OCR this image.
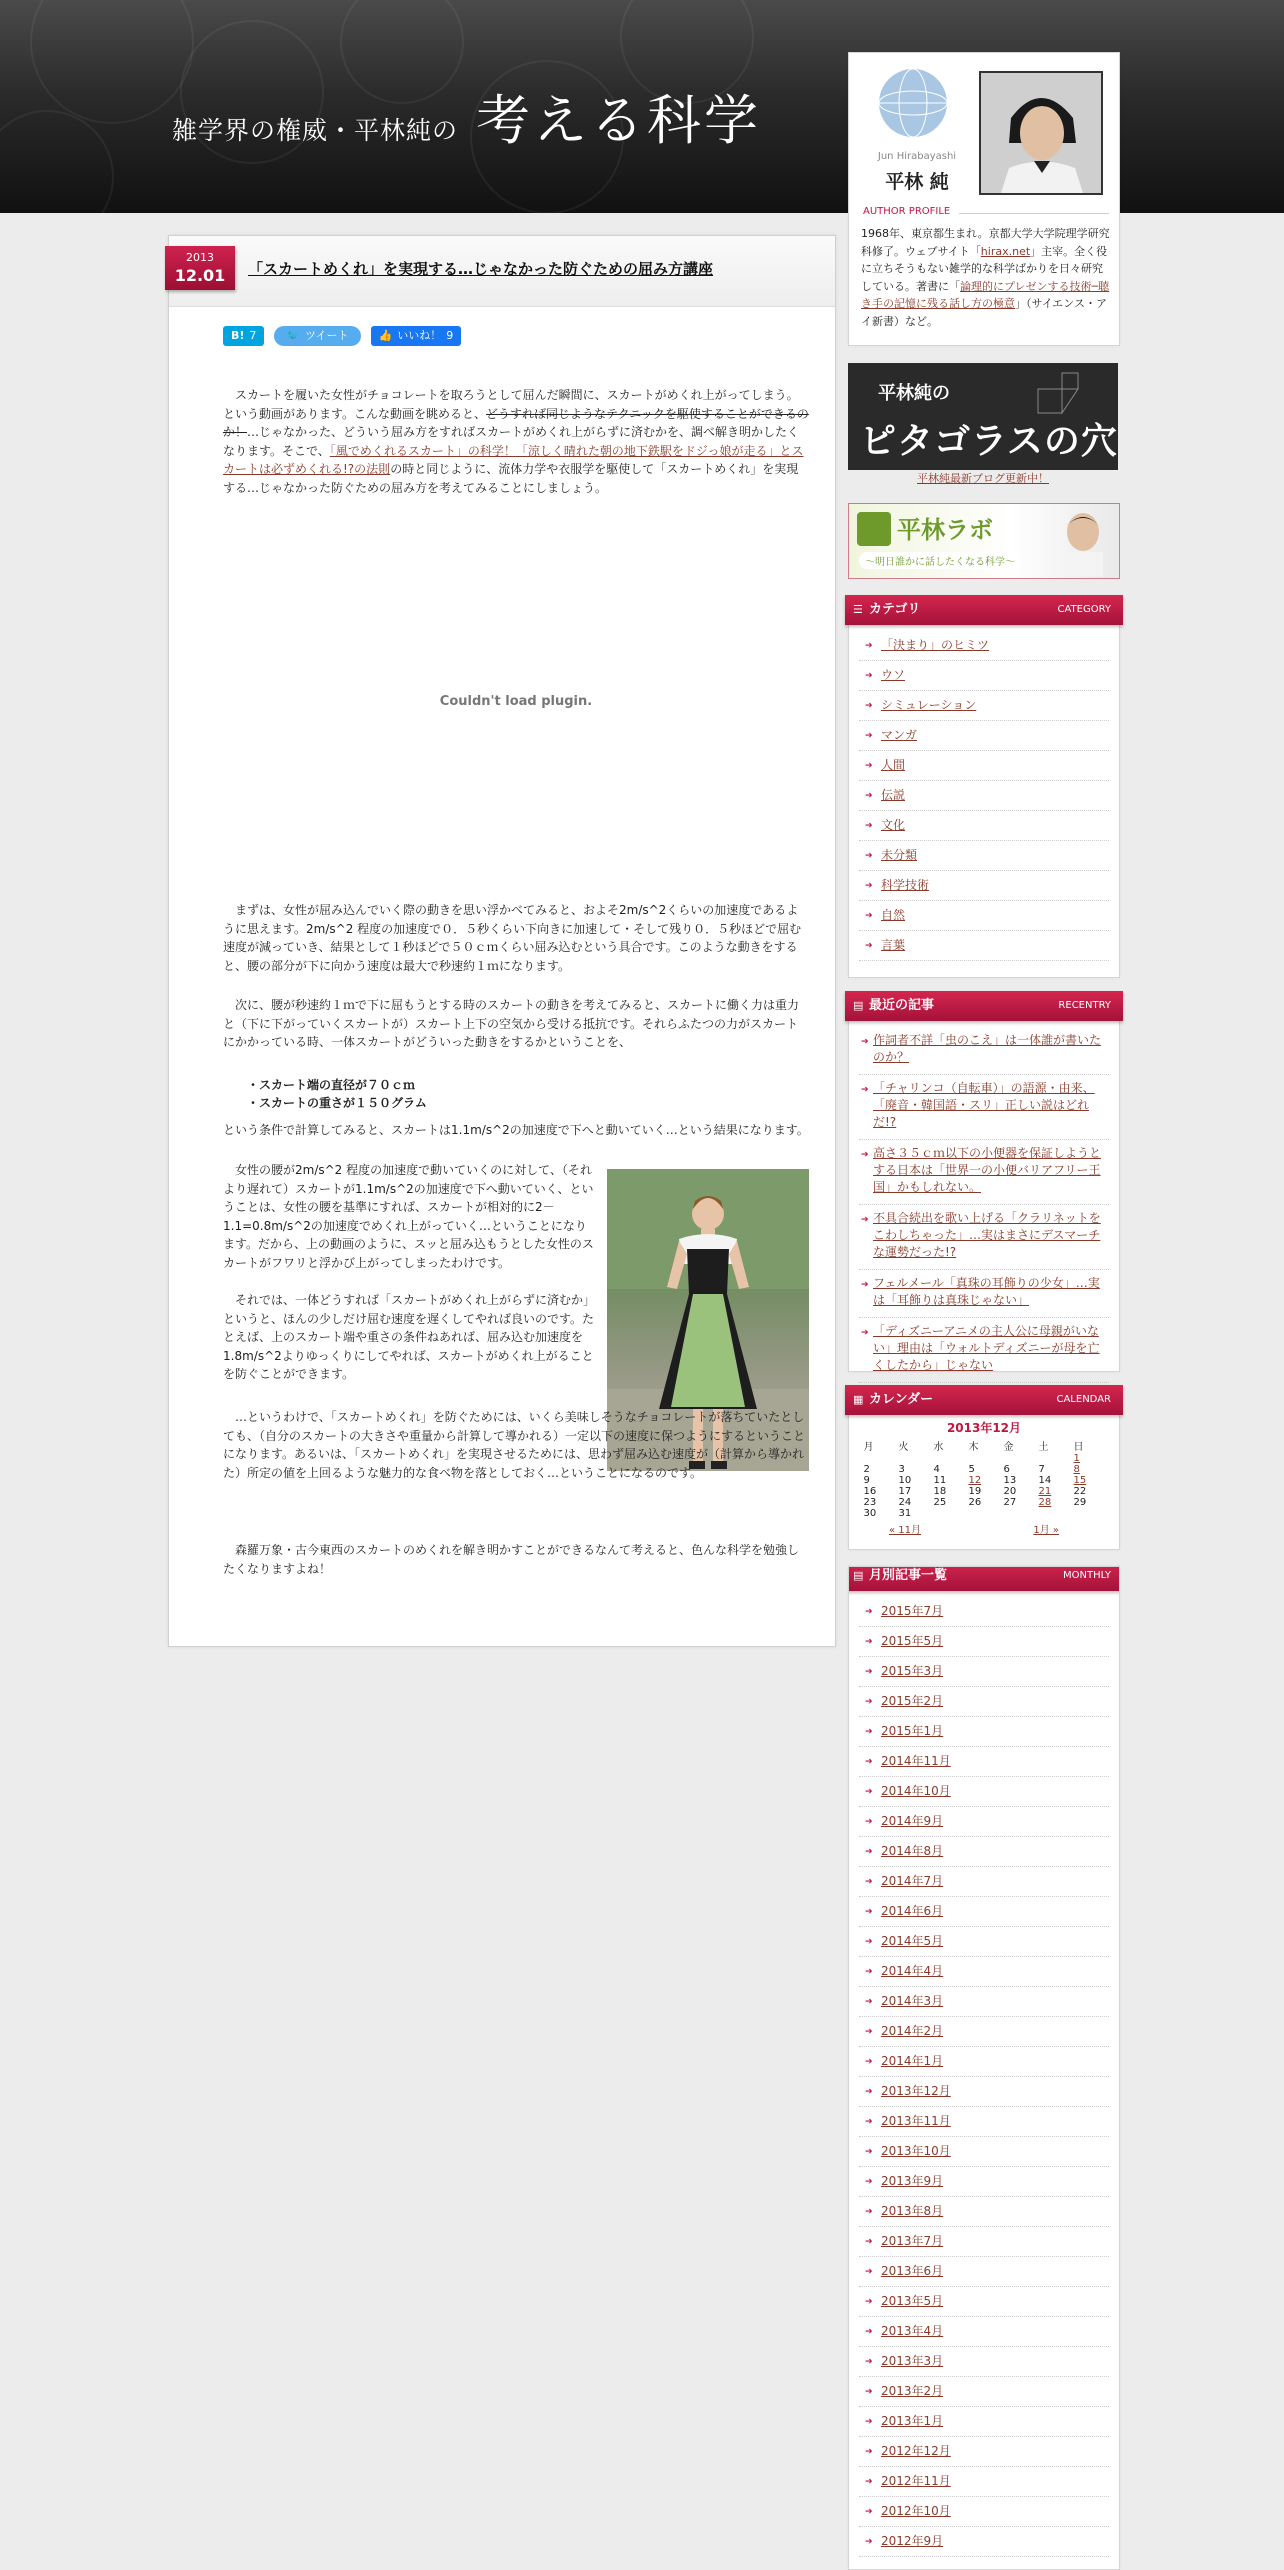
雑学界の権威・平林純の 考える科学
2013
12.01	「スカートめくれ」を実現する…じゃなかった防ぐための屈み方講座
B! 7	🐦 ツイート	👍 いいね！ 9

　スカートを履いた女性がチョコレートを取ろうとして屈んだ瞬間に、スカートがめくれ上がってしまう。という動画があります。こんな動画を眺めると、どうすれば同じようなテクニックを駆使することができるのか！…じゃなかった、どういう屈み方をすればスカートがめくれ上がらずに済むかを、調べ解き明かしたくなります。そこで、「風でめくれるスカート」の科学！「涼しく晴れた朝の地下鉄駅をドジっ娘が走る」とスカートは必ずめくれる!?の法則の時と同じように、流体力学や衣服学を駆使して「スカートめくれ」を実現する…じゃなかった防ぐための屈み方を考えてみることにしましょう。

Couldn't load plugin.

　まずは、女性が屈み込んでいく際の動きを思い浮かべてみると、およそ2m/s^2くらいの加速度であるように思えます。2m/s^2 程度の加速度で０．５秒くらい下向きに加速して・そして残り０．５秒ほどで屈む速度が減っていき、結果として１秒ほどで５０ｃｍくらい屈み込むという具合です。このような動きをすると、腰の部分が下に向かう速度は最大で秒速約１ｍになります。

　次に、腰が秒速約１ｍで下に屈もうとする時のスカートの動きを考えてみると、スカートに働く力は重力と（下に下がっていくスカートが）スカート上下の空気から受ける抵抗です。それらふたつの力がスカートにかかっている時、一体スカートがどういった動きをするかということを、

・スカート端の直径が７０ｃｍ
・スカートの重さが１５０グラム

という条件で計算してみると、スカートは1.1m/s^2の加速度で下へと動いていく…という結果になります。

　女性の腰が2m/s^2 程度の加速度で動いていくのに対して、（それより遅れて）スカートが1.1m/s^2の加速度で下へ動いていく、ということは、女性の腰を基準にすれば、スカートが相対的に2－1.1=0.8m/s^2の加速度でめくれ上がっていく…ということになります。だから、上の動画のように、スッと屈み込もうとした女性のスカートがフワリと浮かび上がってしまったわけです。

　それでは、一体どうすれば「スカートがめくれ上がらずに済むか」というと、ほんの少しだけ屈む速度を遅くしてやれば良いのです。たとえば、上のスカート端や重さの条件ねあれば、屈み込む加速度を1.8m/s^2よりゆっくりにしてやれば、スカートがめくれ上がることを防ぐことができます。

　…というわけで、「スカートめくれ」を防ぐためには、いくら美味しそうなチョコレートが落ちていたとしても、（自分のスカートの大きさや重量から計算して導かれる）一定以下の速度に保つようにするということになります。あるいは、「スカートめくれ」を実現させるためには、思わず屈み込む速度が（計算から導かれた）所定の値を上回るような魅力的な食べ物を落としておく…ということになるのです。

　森羅万象・古今東西のスカートのめくれを解き明かすことができるなんて考えると、色んな科学を勉強したくなりますよね！

Jun Hirabayashi
平林 純
AUTHOR PROFILE

1968年、東京都生まれ。京都大学大学院理学研究科修了。ウェブサイト「hirax.net」主宰。全く役に立ちそうもない雑学的な科学ばかりを日々研究している。著書に「論理的にプレゼンする技術─聴き手の記憶に残る話し方の極意」（サイエンス・アイ新書）など。

平林純の
ピタゴラスの穴
平林純最新ブログ更新中！
平林ラボ
～明日誰かに話したくなる科学～
☰ カテゴリ	CATEGORY
➔ 「決まり」のヒミツ
➔ ウソ
➔ シミュレーション
➔ マンガ
➔ 人間
➔ 伝説
➔ 文化
➔ 未分類
➔ 科学技術
➔ 自然
➔ 言葉
▤ 最近の記事	RECENTRY
➔ 作詞者不詳「虫のこえ」は一体誰が書いたのか？
➔ 「チャリンコ（自転車）」の語源・由来、「廃音・韓国語・スリ」正しい説はどれだ!?
➔ 高さ３５ｃｍ以下の小便器を保証しようとする日本は「世界一の小便バリアフリー王国」かもしれない。
➔ 不具合続出を歌い上げる「クラリネットをこわしちゃった」…実はまさにデスマーチな運勢だった!?
➔ フェルメール「真珠の耳飾りの少女」…実は「耳飾りは真珠じゃない」
➔ 「ディズニーアニメの主人公に母親がいない」理由は「ウォルトディズニーが母を亡くしたから」じゃない
▦ カレンダー	CALENDAR
2013年12月
月	火	水	木	金	土	日
						1
2	3	4	5	6	7	8
9	10	11	12	13	14	15
16	17	18	19	20	21	22
23	24	25	26	27	28	29
30	31					
« 11月	1月 »
▤ 月別記事一覧	MONTHLY
➔ 2015年7月
➔ 2015年5月
➔ 2015年3月
➔ 2015年2月
➔ 2015年1月
➔ 2014年11月
➔ 2014年10月
➔ 2014年9月
➔ 2014年8月
➔ 2014年7月
➔ 2014年6月
➔ 2014年5月
➔ 2014年4月
➔ 2014年3月
➔ 2014年2月
➔ 2014年1月
➔ 2013年12月
➔ 2013年11月
➔ 2013年10月
➔ 2013年9月
➔ 2013年8月
➔ 2013年7月
➔ 2013年6月
➔ 2013年5月
➔ 2013年4月
➔ 2013年3月
➔ 2013年2月
➔ 2013年1月
➔ 2012年12月
➔ 2012年11月
➔ 2012年10月
➔ 2012年9月
